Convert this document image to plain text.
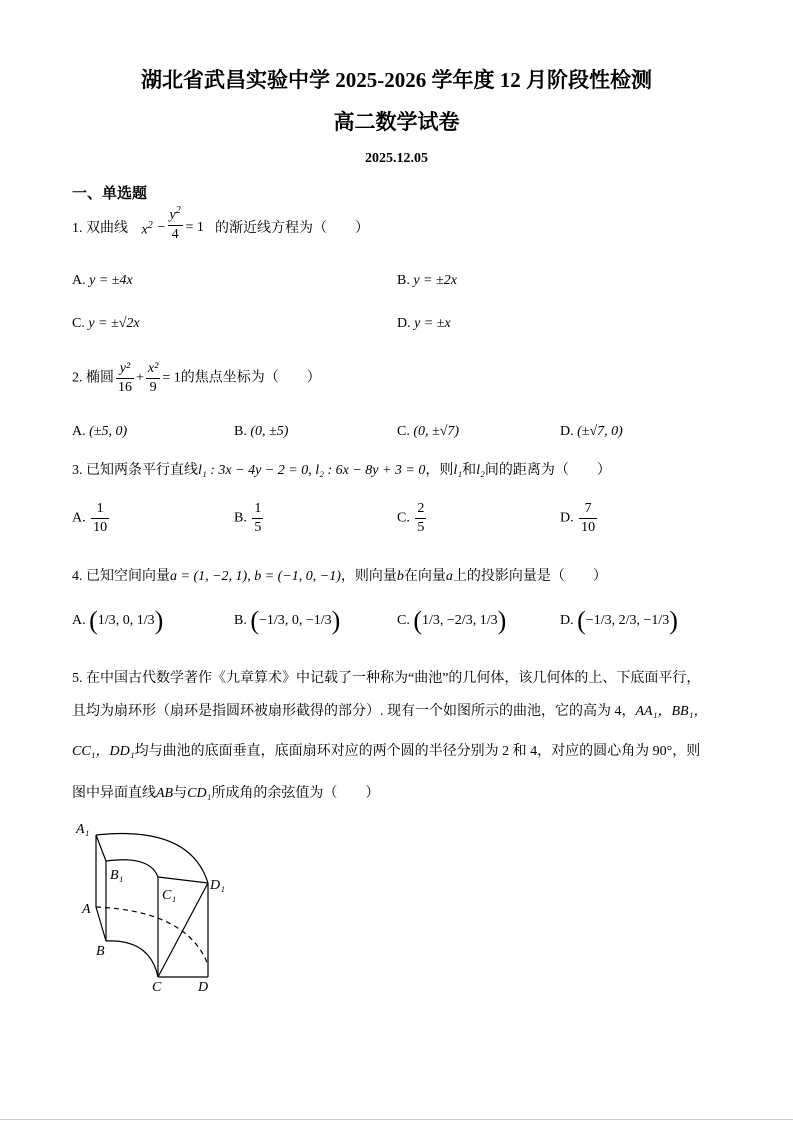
湖北省武昌实验中学 2025-2026 学年度 12 月阶段性检测
高二数学试卷
2025.12.05
一、单选题
1. 双曲线 $x^2 - \frac{y^2}{4} = 1$ 的渐近线方程为（　　）
A. y = ±4x	B. y = ±2x
C. y = ±√2x	D. y = ±x
2. 椭圆 $\frac{\text{y²}}{16} + \frac{\text{x²}}{9} = 1$的焦点坐标为（　　）
A. (±5, 0)	B. (0, ±5)	C. (0, ±√7)	D. (±√7, 0)
3. 已知两条平行直线l₁ : 3x − 4y − 2 = 0, l₂ : 6x − 8y + 3 = 0，则l₁和l₂间的距离为（　　）
A. $\frac{1}{10}$	B. $\frac{1}{5}$	C. $\frac{2}{5}$	D. $\frac{7}{10}$
4. 已知空间向量a = (1, −2, 1), b = (−1, 0, −1)，则向量b在向量a上的投影向量是（　　）
A. (1/3, 0, 1/3)	B. (−1/3, 0, −1/3)	C. (1/3, −2/3, 1/3)	D. (−1/3, 2/3, −1/3)
5. 在中国古代数学著作《九章算术》中记载了一种称为“曲池”的几何体，该几何体的上、下底面平行，
且均为扇环形（扇环是指圆环被扇形截得的部分）. 现有一个如图所示的曲池，它的高为 4，AA₁，BB₁，
CC₁，DD₁均与曲池的底面垂直，底面扇环对应的两个圆的半径分别为 2 和 4，对应的圆心角为 90°，则
图中异面直线AB与CD₁所成角的余弦值为（　　）
A₁
B₁
C₁
D₁
A
B
C	D
